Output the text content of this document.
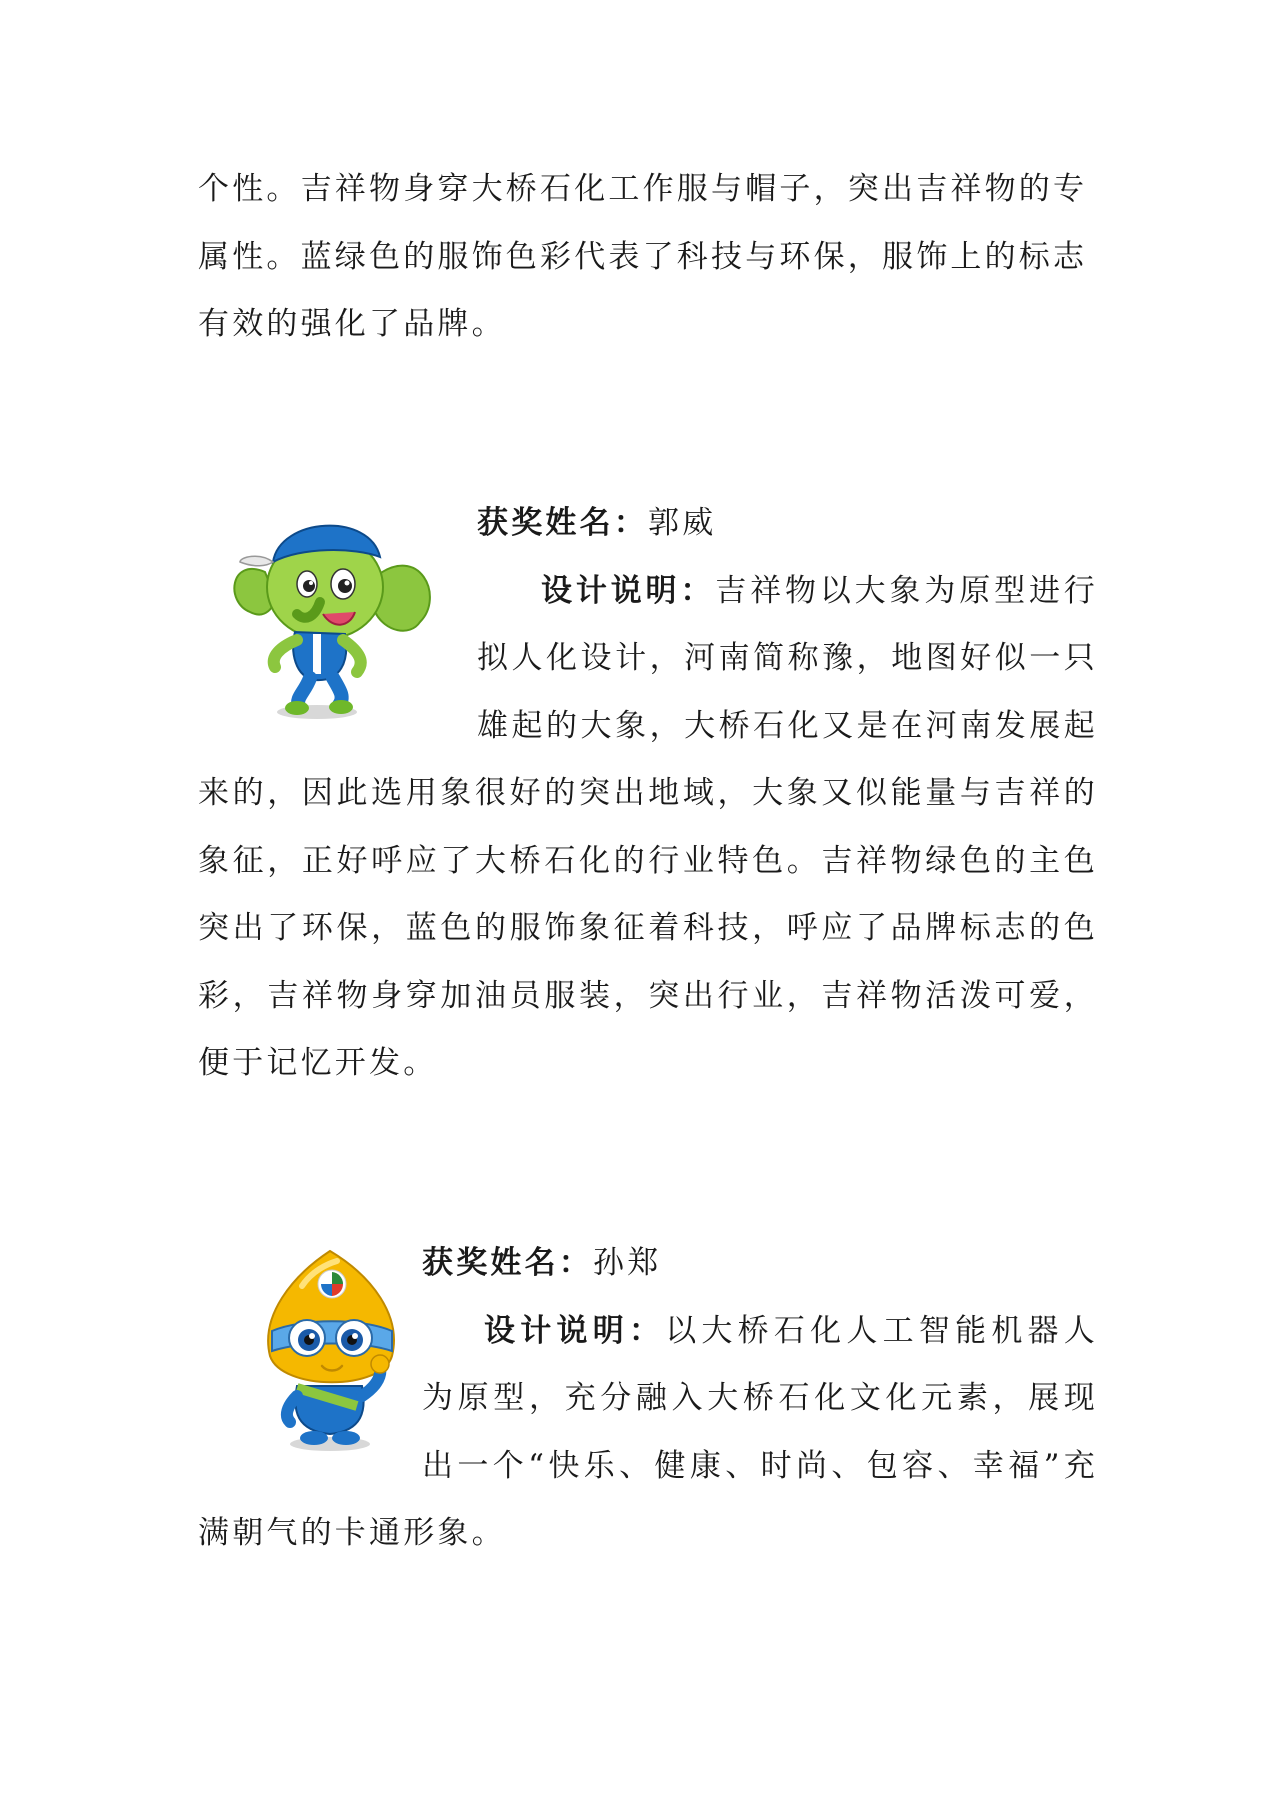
个性。吉祥物身穿大桥石化工作服与帽子，突出吉祥物的专
属性。蓝绿色的服饰色彩代表了科技与环保，服饰上的标志
有效的强化了品牌。

获奖姓名：郭威
设计说明：吉祥物以大象为原型进行拟人化设计，河南简称豫，地图好似一只雄起的大象，大桥石化又是在河南发展起来的，因此选用象很好的突出地域，大象又似能量与吉祥的象征，正好呼应了大桥石化的行业特色。吉祥物绿色的主色突出了环保，蓝色的服饰象征着科技，呼应了品牌标志的色彩，吉祥物身穿加油员服装，突出行业，吉祥物活泼可爱，便于记忆开发。

获奖姓名：孙郑
设计说明：以大桥石化人工智能机器人为原型，充分融入大桥石化文化元素，展现出一个“快乐、健康、时尚、包容、幸福”充满朝气的卡通形象。
